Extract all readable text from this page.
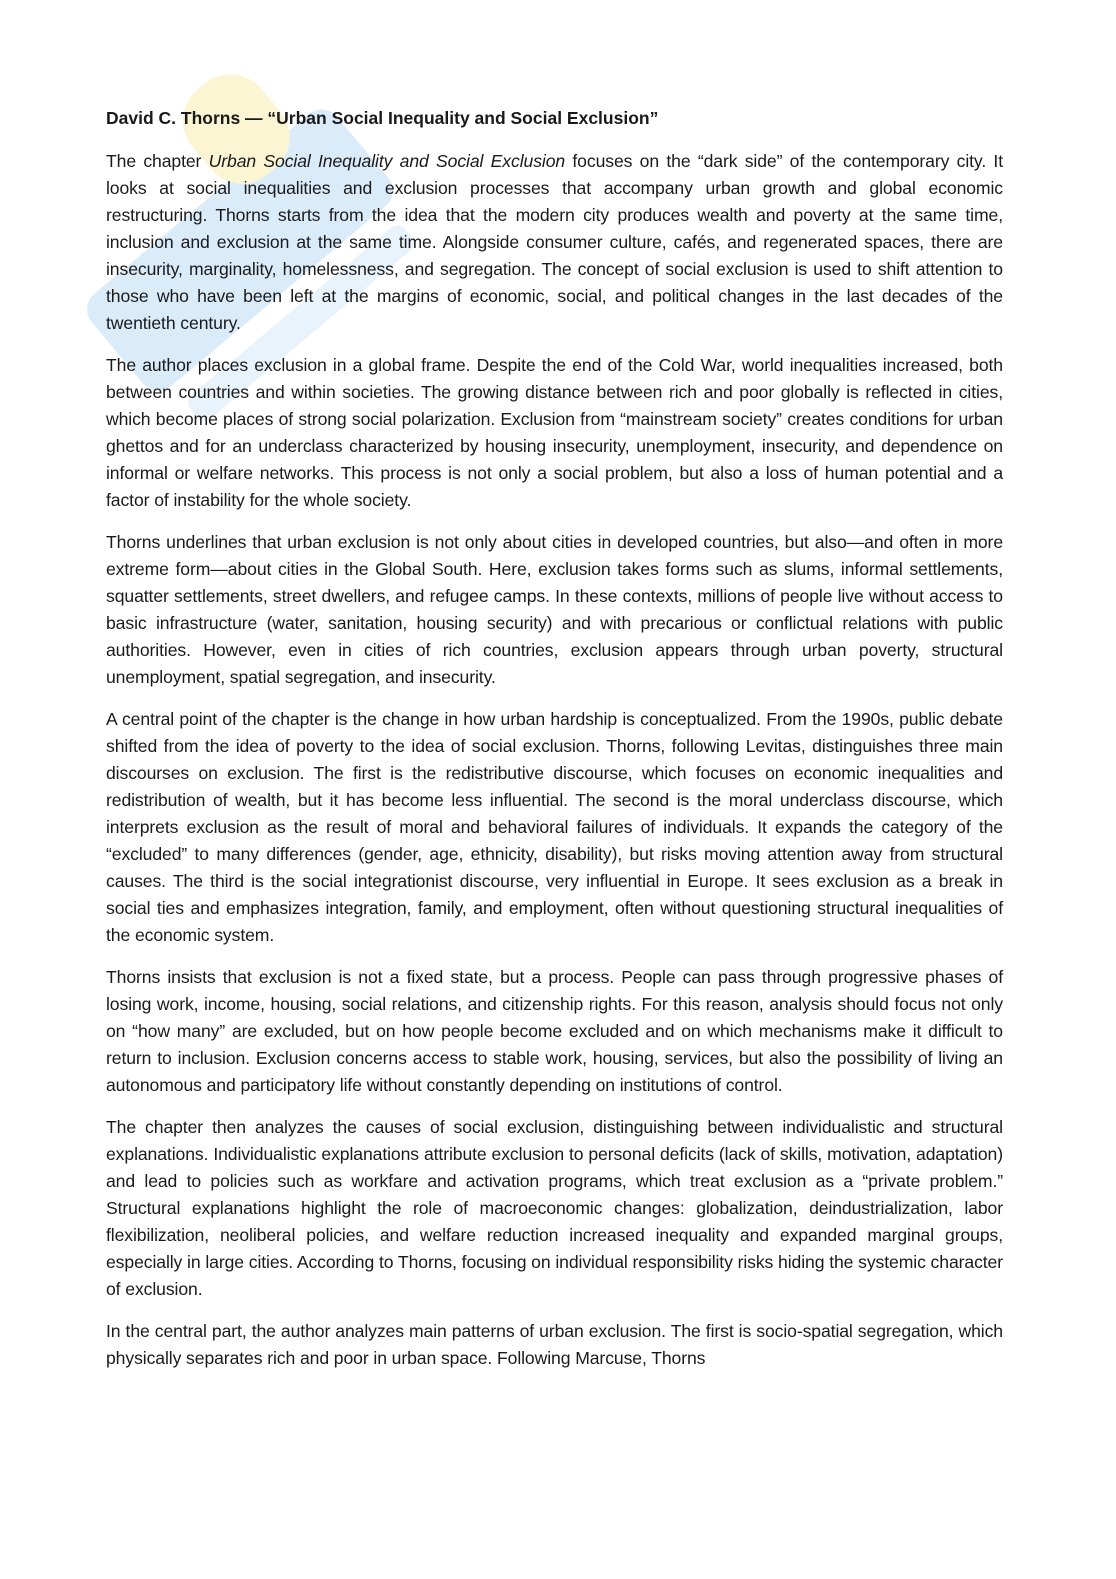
David C. Thorns — “Urban Social Inequality and Social Exclusion”

The chapter Urban Social Inequality and Social Exclusion focuses on the “dark side” of the contemporary city. It looks at social inequalities and exclusion processes that accompany urban growth and global economic restructuring. Thorns starts from the idea that the modern city produces wealth and poverty at the same time, inclusion and exclusion at the same time. Alongside consumer culture, cafés, and regenerated spaces, there are insecurity, marginality, homelessness, and segregation. The concept of social exclusion is used to shift attention to those who have been left at the margins of economic, social, and political changes in the last decades of the twentieth century.

The author places exclusion in a global frame. Despite the end of the Cold War, world inequalities increased, both between countries and within societies. The growing distance between rich and poor globally is reflected in cities, which become places of strong social polarization. Exclusion from “mainstream society” creates conditions for urban ghettos and for an underclass characterized by housing insecurity, unemployment, insecurity, and dependence on informal or welfare networks. This process is not only a social problem, but also a loss of human potential and a factor of instability for the whole society.

Thorns underlines that urban exclusion is not only about cities in developed countries, but also—and often in more extreme form—about cities in the Global South. Here, exclusion takes forms such as slums, informal settlements, squatter settlements, street dwellers, and refugee camps. In these contexts, millions of people live without access to basic infrastructure (water, sanitation, housing security) and with precarious or conflictual relations with public authorities. However, even in cities of rich countries, exclusion appears through urban poverty, structural unemployment, spatial segregation, and insecurity.

A central point of the chapter is the change in how urban hardship is conceptualized. From the 1990s, public debate shifted from the idea of poverty to the idea of social exclusion. Thorns, following Levitas, distinguishes three main discourses on exclusion. The first is the redistributive discourse, which focuses on economic inequalities and redistribution of wealth, but it has become less influential. The second is the moral underclass discourse, which interprets exclusion as the result of moral and behavioral failures of individuals. It expands the category of the “excluded” to many differences (gender, age, ethnicity, disability), but risks moving attention away from structural causes. The third is the social integrationist discourse, very influential in Europe. It sees exclusion as a break in social ties and emphasizes integration, family, and employment, often without questioning structural inequalities of the economic system.

Thorns insists that exclusion is not a fixed state, but a process. People can pass through progressive phases of losing work, income, housing, social relations, and citizenship rights. For this reason, analysis should focus not only on “how many” are excluded, but on how people become excluded and on which mechanisms make it difficult to return to inclusion. Exclusion concerns access to stable work, housing, services, but also the possibility of living an autonomous and participatory life without constantly depending on institutions of control.

The chapter then analyzes the causes of social exclusion, distinguishing between individualistic and structural explanations. Individualistic explanations attribute exclusion to personal deficits (lack of skills, motivation, adaptation) and lead to policies such as workfare and activation programs, which treat exclusion as a “private problem.” Structural explanations highlight the role of macroeconomic changes: globalization, deindustrialization, labor flexibilization, neoliberal policies, and welfare reduction increased inequality and expanded marginal groups, especially in large cities. According to Thorns, focusing on individual responsibility risks hiding the systemic character of exclusion.

In the central part, the author analyzes main patterns of urban exclusion. The first is socio-spatial segregation, which physically separates rich and poor in urban space. Following Marcuse, Thorns
